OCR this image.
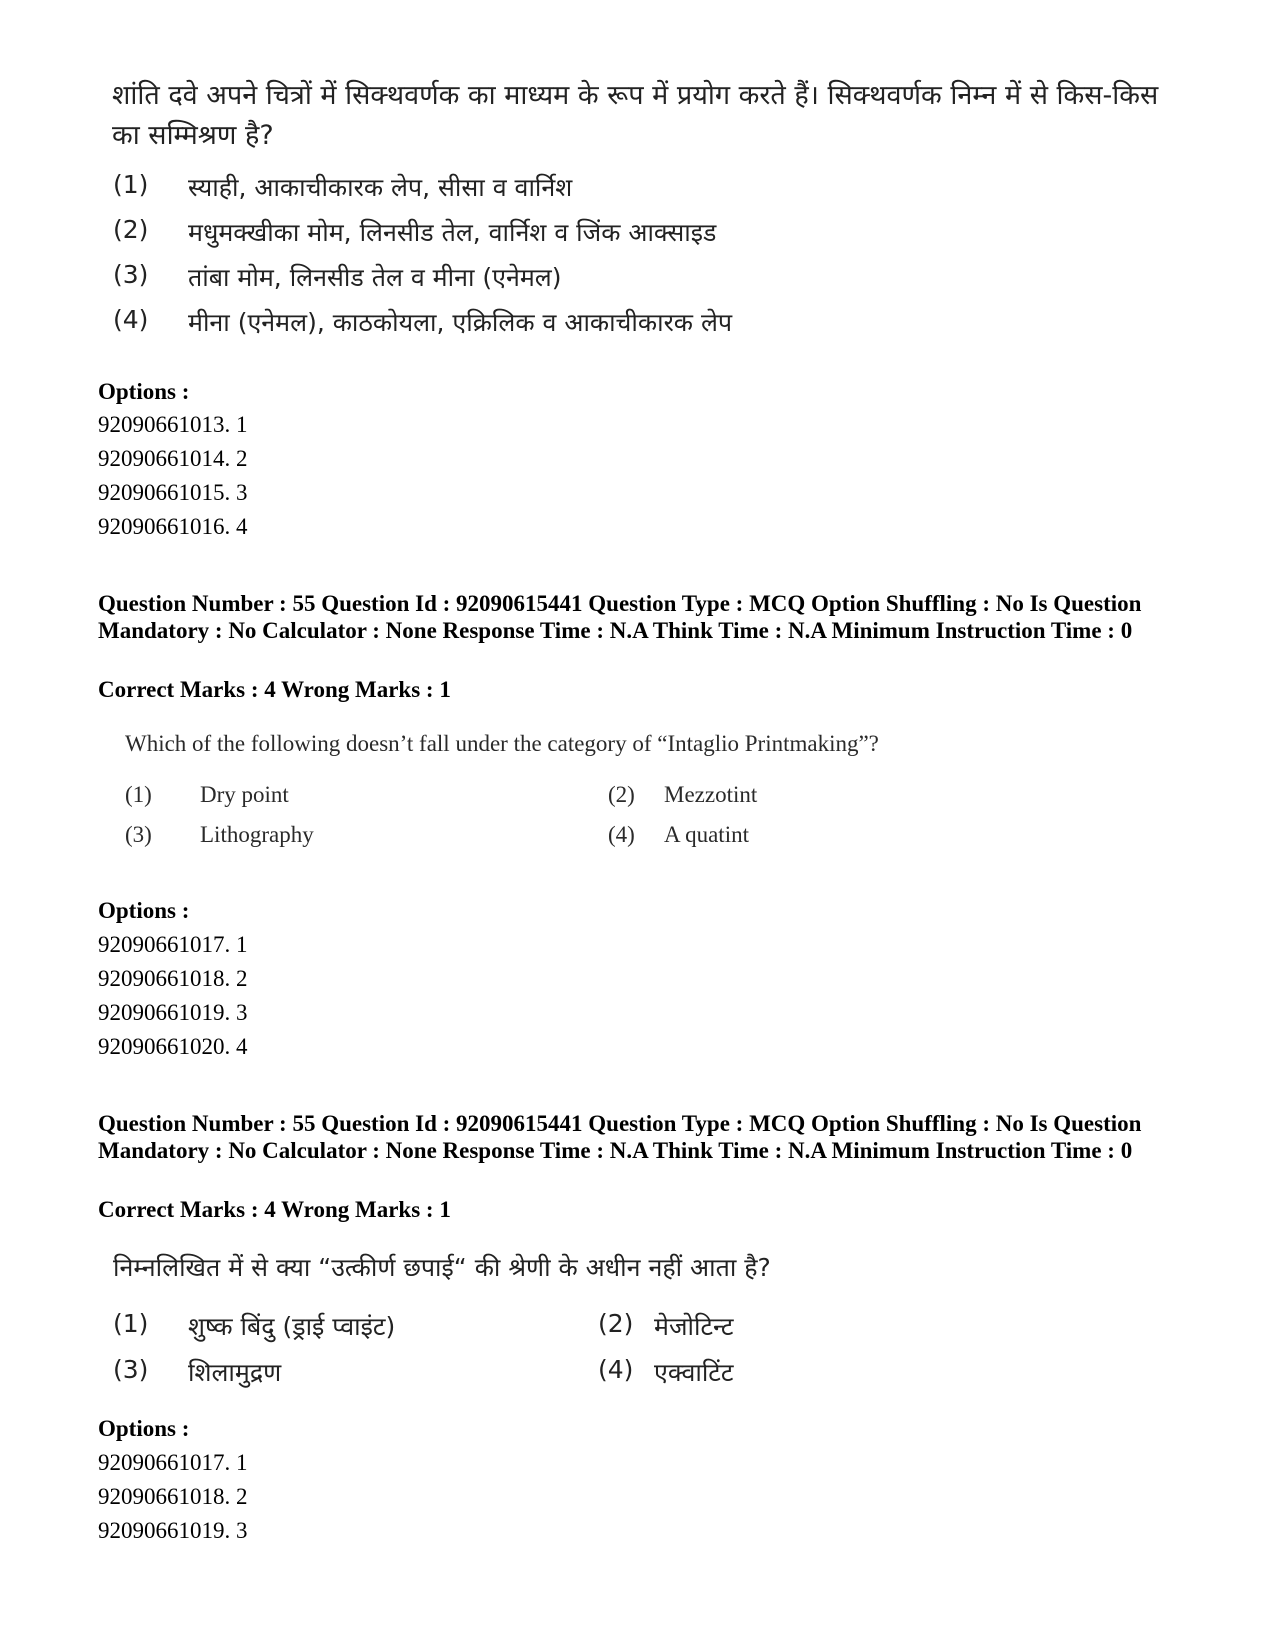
शांति दवे अपने चित्रों में सिक्थवर्णक का माध्यम के रूप में प्रयोग करते हैं। सिक्थवर्णक निम्न में से किस-किस का सम्मिश्रण है?
(1) स्याही, आकाचीकारक लेप, सीसा व वार्निश
(2) मधुमक्खीका मोम, लिनसीड तेल, वार्निश व जिंक आक्साइड
(3) तांबा मोम, लिनसीड तेल व मीना (एनेमल)
(4) मीना (एनेमल), काठकोयला, एक्रिलिक व आकाचीकारक लेप
Options :
92090661013. 1
92090661014. 2
92090661015. 3
92090661016. 4
Question Number : 55 Question Id : 92090615441 Question Type : MCQ Option Shuffling : No Is Question Mandatory : No Calculator : None Response Time : N.A Think Time : N.A Minimum Instruction Time : 0
Correct Marks : 4 Wrong Marks : 1
Which of the following doesn’t fall under the category of “Intaglio Printmaking”?
(1) Dry point	(2) Mezzotint
(3) Lithography	(4) A quatint
Options :
92090661017. 1
92090661018. 2
92090661019. 3
92090661020. 4
Question Number : 55 Question Id : 92090615441 Question Type : MCQ Option Shuffling : No Is Question Mandatory : No Calculator : None Response Time : N.A Think Time : N.A Minimum Instruction Time : 0
Correct Marks : 4 Wrong Marks : 1
निम्नलिखित में से क्या “उत्कीर्ण छपाई“ की श्रेणी के अधीन नहीं आता है?
(1) शुष्क बिंदु (ड्राई प्वाइंट)	(2) मेजोटिन्ट
(3) शिलामुद्रण	(4) एक्वाटिंट
Options :
92090661017. 1
92090661018. 2
92090661019. 3
